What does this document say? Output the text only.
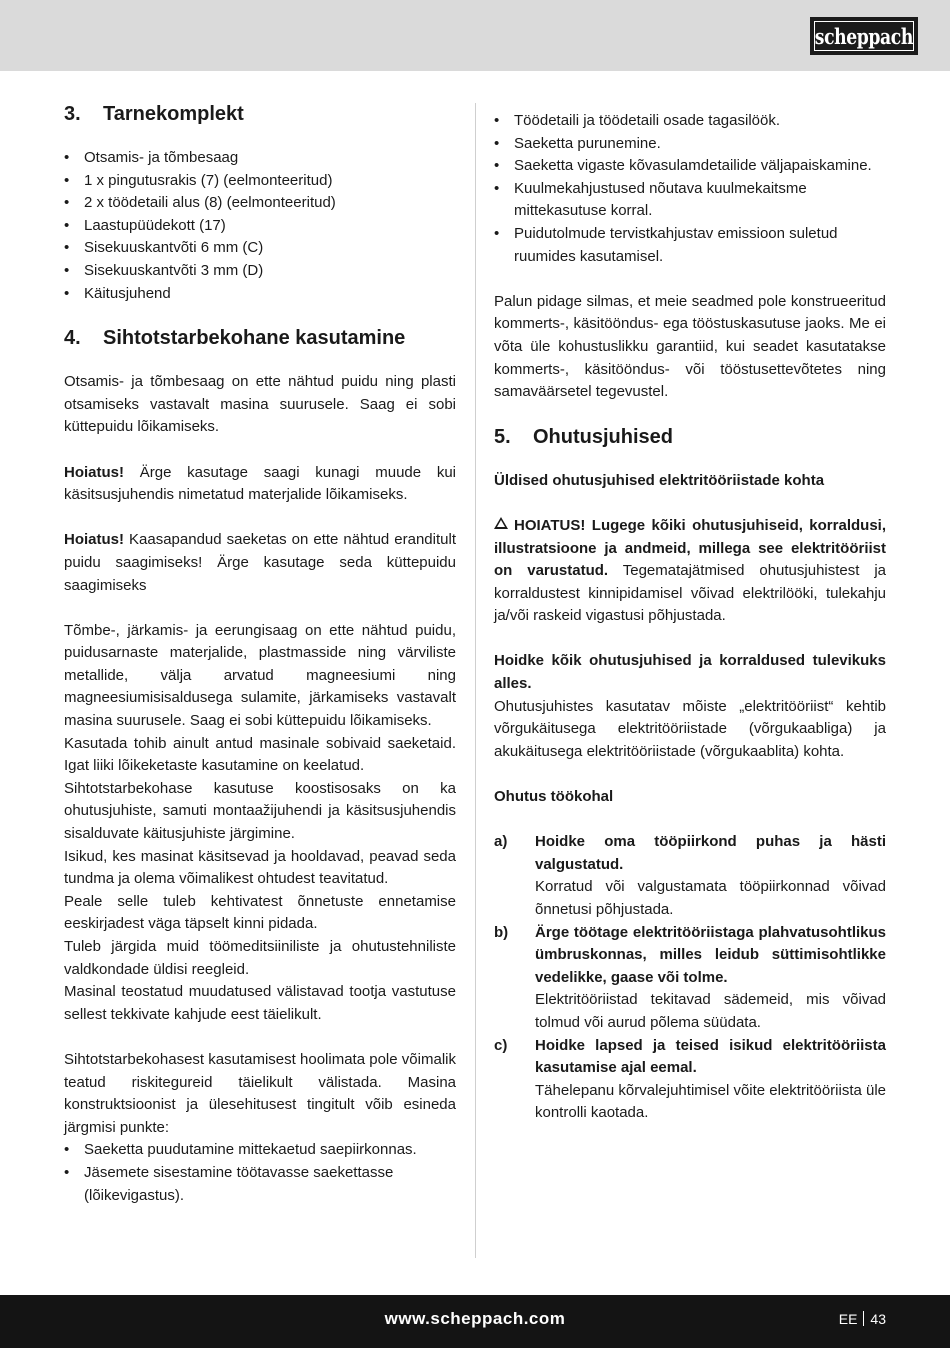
scheppach
3.	Tarnekomplekt
• Otsamis- ja tõmbesaag
• 1 x pingutusrakis (7) (eelmonteeritud)
• 2 x töödetaili alus (8) (eelmonteeritud)
• Laastupüüdekott (17)
• Sisekuuskantvõti 6 mm (C)
• Sisekuuskantvõti 3 mm (D)
• Käitusjuhend
4.	Sihtotstarbekohane kasutamine

Otsamis- ja tõmbesaag on ette nähtud puidu ning plasti otsamiseks vastavalt masina suurusele. Saag ei sobi küttepuidu lõikamiseks.

Hoiatus! Ärge kasutage saagi kunagi muude kui käsitsusjuhendis nimetatud materjalide lõikamiseks.

Hoiatus! Kaasapandud saeketas on ette nähtud eranditult puidu saagimiseks! Ärge kasutage seda küttepuidu saagimiseks

Tõmbe-, järkamis- ja eerungisaag on ette nähtud puidu, puidusarnaste materjalide, plastmasside ning värviliste metallide, välja arvatud magneesiumi ning magneesiumisisaldusega sulamite, järkamiseks vastavalt masina suurusele. Saag ei sobi küttepuidu lõikamiseks.

Kasutada tohib ainult antud masinale sobivaid saeketaid. Igat liiki lõikeketaste kasutamine on keelatud.

Sihtotstarbekohase kasutuse koostisosaks on ka ohutusjuhiste, samuti montaažijuhendi ja käsitsusjuhendis sisalduvate käitusjuhiste järgimine.

Isikud, kes masinat käsitsevad ja hooldavad, peavad seda tundma ja olema võimalikest ohtudest teavitatud.

Peale selle tuleb kehtivatest õnnetuste ennetamise eeskirjadest väga täpselt kinni pidada.

Tuleb järgida muid töömeditsiiniliste ja ohutustehniliste valdkondade üldisi reegleid.

Masinal teostatud muudatused välistavad tootja vastutuse sellest tekkivate kahjude eest täielikult.

Sihtotstarbekohasest kasutamisest hoolimata pole võimalik teatud riskitegureid täielikult välistada. Masina konstruktsioonist ja ülesehitusest tingitult võib esineda järgmisi punkte:

• Saeketta puudutamine mittekaetud saepiirkonnas.
• Jäsemete sisestamine töötavasse saekettasse (lõikevigastus).
• Töödetaili ja töödetaili osade tagasilöök.
• Saeketta purunemine.
• Saeketta vigaste kõvasulamdetailide väljapaiskamine.
• Kuulmekahjustused nõutava kuulmekaitsme mittekasutuse korral.
• Puidutolmude tervistkahjustav emissioon suletud ruumides kasutamisel.

Palun pidage silmas, et meie seadmed pole konstrueeritud kommerts-, käsitööndus- ega tööstuskasutuse jaoks. Me ei võta üle kohustuslikku garantiid, kui seadet kasutatakse kommerts-, käsitööndus- või tööstusettevõtetes ning samaväärsetel tegevustel.

5.	Ohutusjuhised

Üldised ohutusjuhised elektritööriistade kohta

HOIATUS! Lugege kõiki ohutusjuhiseid, korraldusi, illustratsioone ja andmeid, millega see elektritööriist on varustatud. Tegematajätmised ohutusjuhistest ja korraldustest kinnipidamisel võivad elektrilööki, tulekahju ja/või raskeid vigastusi põhjustada.

Hoidke kõik ohutusjuhised ja korraldused tulevikuks alles.

Ohutusjuhistes kasutatav mõiste „elektritööriist“ kehtib võrgukäitusega elektritööriistade (võrgukaabliga) ja akukäitusega elektritööriistade (võrgukaablita) kohta.

Ohutus töökohal

a)	Hoidke oma tööpiirkond puhas ja hästi valgustatud.

Korratud või valgustamata tööpiirkonnad võivad õnnetusi põhjustada.

b)	Ärge töötage elektritööriistaga plahvatusohtlikus ümbruskonnas, milles leidub süttimisohtlikke vedelikke, gaase või tolme.

Elektritööriistad tekitavad sädemeid, mis võivad tolmud või aurud põlema süüdata.

c)	Hoidke lapsed ja teised isikud elektritööriista kasutamise ajal eemal.

Tähelepanu kõrvalejuhtimisel võite elektritööriista üle kontrolli kaotada.

www.scheppach.com	EE 43
